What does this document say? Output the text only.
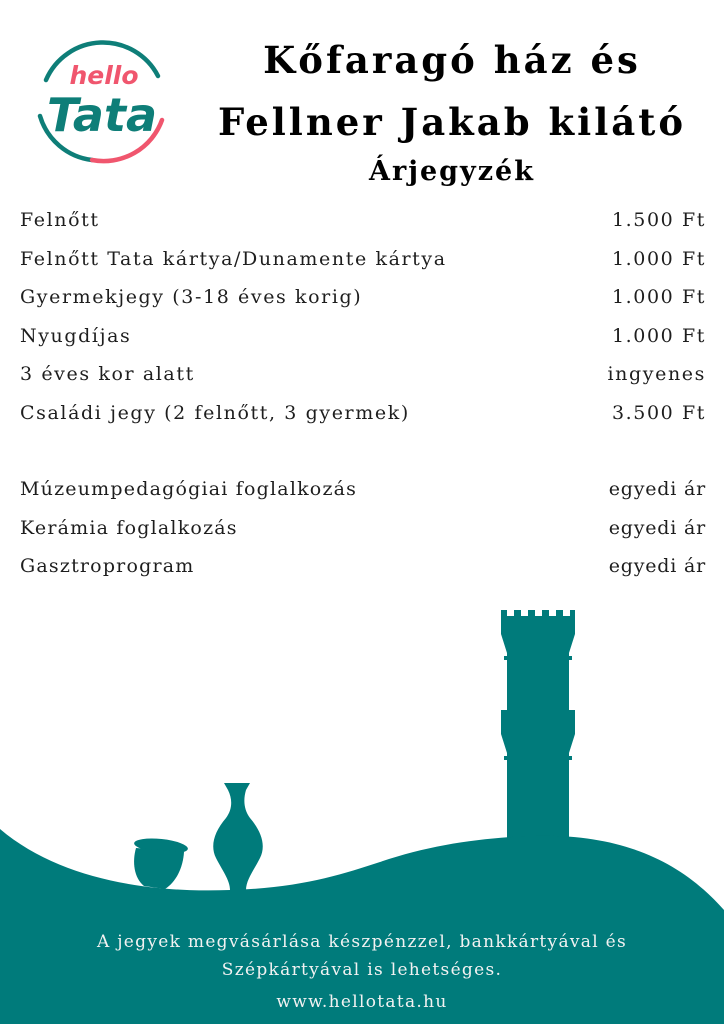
hello
Tata
Kőfaragó ház és
Fellner Jakab kilátó
Árjegyzék
Felnőtt	1.500 Ft
Felnőtt Tata kártya/Dunamente kártya	1.000 Ft
Gyermekjegy (3-18 éves korig)	1.000 Ft
Nyugdíjas	1.000 Ft
3 éves kor alatt	ingyenes
Családi jegy (2 felnőtt, 3 gyermek)	3.500 Ft
Múzeumpedagógiai foglalkozás	egyedi ár
Kerámia foglalkozás	egyedi ár
Gasztroprogram	egyedi ár
A jegyek megvásárlása készpénzzel, bankkártyával és
Szépkártyával is lehetséges.
www.hellotata.hu
